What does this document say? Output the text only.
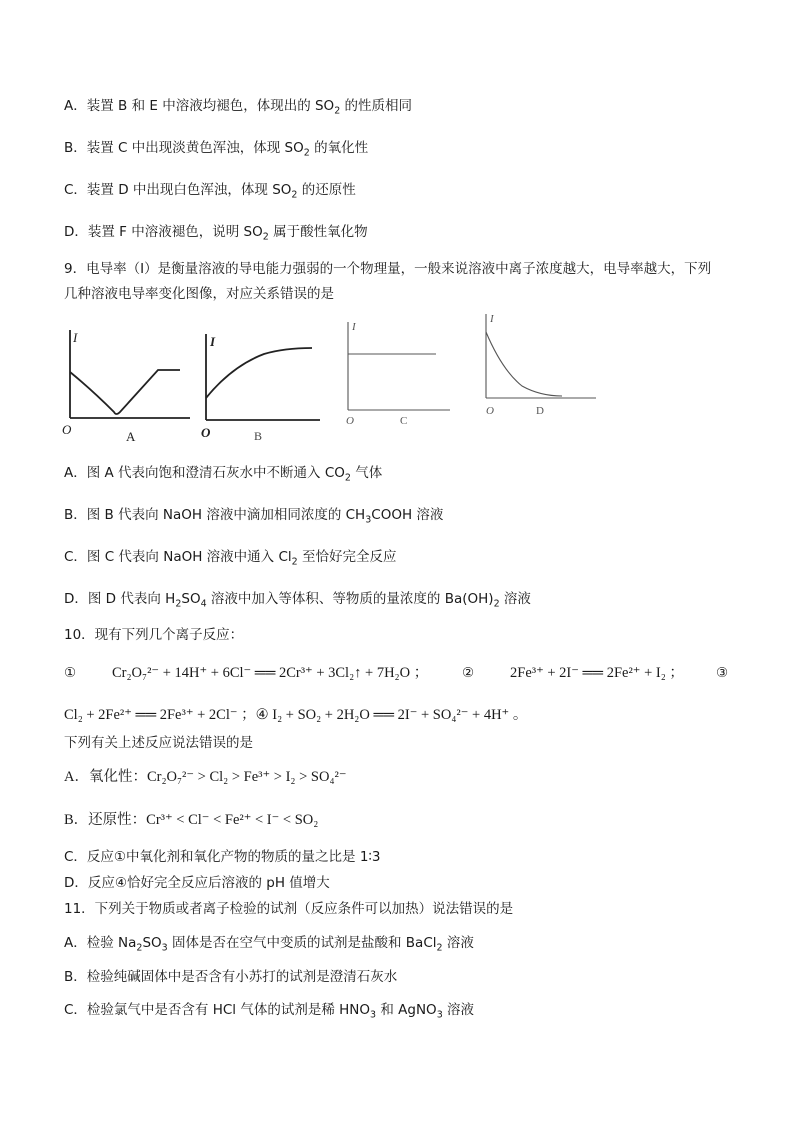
A．装置 B 和 E 中溶液均褪色，体现出的 $SO_2$ 的性质相同
B．装置 C 中出现淡黄色浑浊，体现 $SO_2$ 的氧化性
C．装置 D 中出现白色浑浊，体现 $SO_2$ 的还原性
D．装置 F 中溶液褪色，说明 $SO_2$ 属于酸性氧化物
9．电导率（I）是衡量溶液的导电能力强弱的一个物理量，一般来说溶液中离子浓度越大，电导率越大，下列
几种溶液电导率变化图像，对应关系错误的是
I
O	A
I
O	B
I
O	C
I
O	D
A．图 A 代表向饱和澄清石灰水中不断通入 $CO_2$ 气体
B．图 B 代表向 NaOH 溶液中滴加相同浓度的 $CH_3COOH$ 溶液
C．图 C 代表向 NaOH 溶液中通入 $Cl_2$ 至恰好完全反应
D．图 D 代表向 $H_2SO_4$ 溶液中加入等体积、等物质的量浓度的 $Ba(OH)_2$ 溶液
10．现有下列几个离子反应：
① Cr₂O₇²⁻ + 14H⁺ + 6Cl⁻ ══ 2Cr³⁺ + 3Cl₂↑ + 7H₂O ；	② 2Fe³⁺ + 2I⁻ ══ 2Fe²⁺ + I₂ ； ③
Cl₂ + 2Fe²⁺ ══ 2Fe³⁺ + 2Cl⁻ ；④ I₂ + SO₂ + 2H₂O ══ 2I⁻ + SO₄²⁻ + 4H⁺ 。
下列有关上述反应说法错误的是
A．氧化性：Cr₂O₇²⁻ > Cl₂ > Fe³⁺ > I₂ > SO₄²⁻
B．还原性：Cr³⁺ < Cl⁻ < Fe²⁺ < I⁻ < SO₂
C．反应①中氧化剂和氧化产物的物质的量之比是 1∶3
D．反应④恰好完全反应后溶液的 pH 值增大
11．下列关于物质或者离子检验的试剂（反应条件可以加热）说法错误的是
A．检验 $Na_2SO_3$ 固体是否在空气中变质的试剂是盐酸和 BaCl$_2$ 溶液
B．检验纯碱固体中是否含有小苏打的试剂是澄清石灰水
C．检验氯气中是否含有 HCl 气体的试剂是稀 $HNO_3$ 和 AgNO$_3$ 溶液
